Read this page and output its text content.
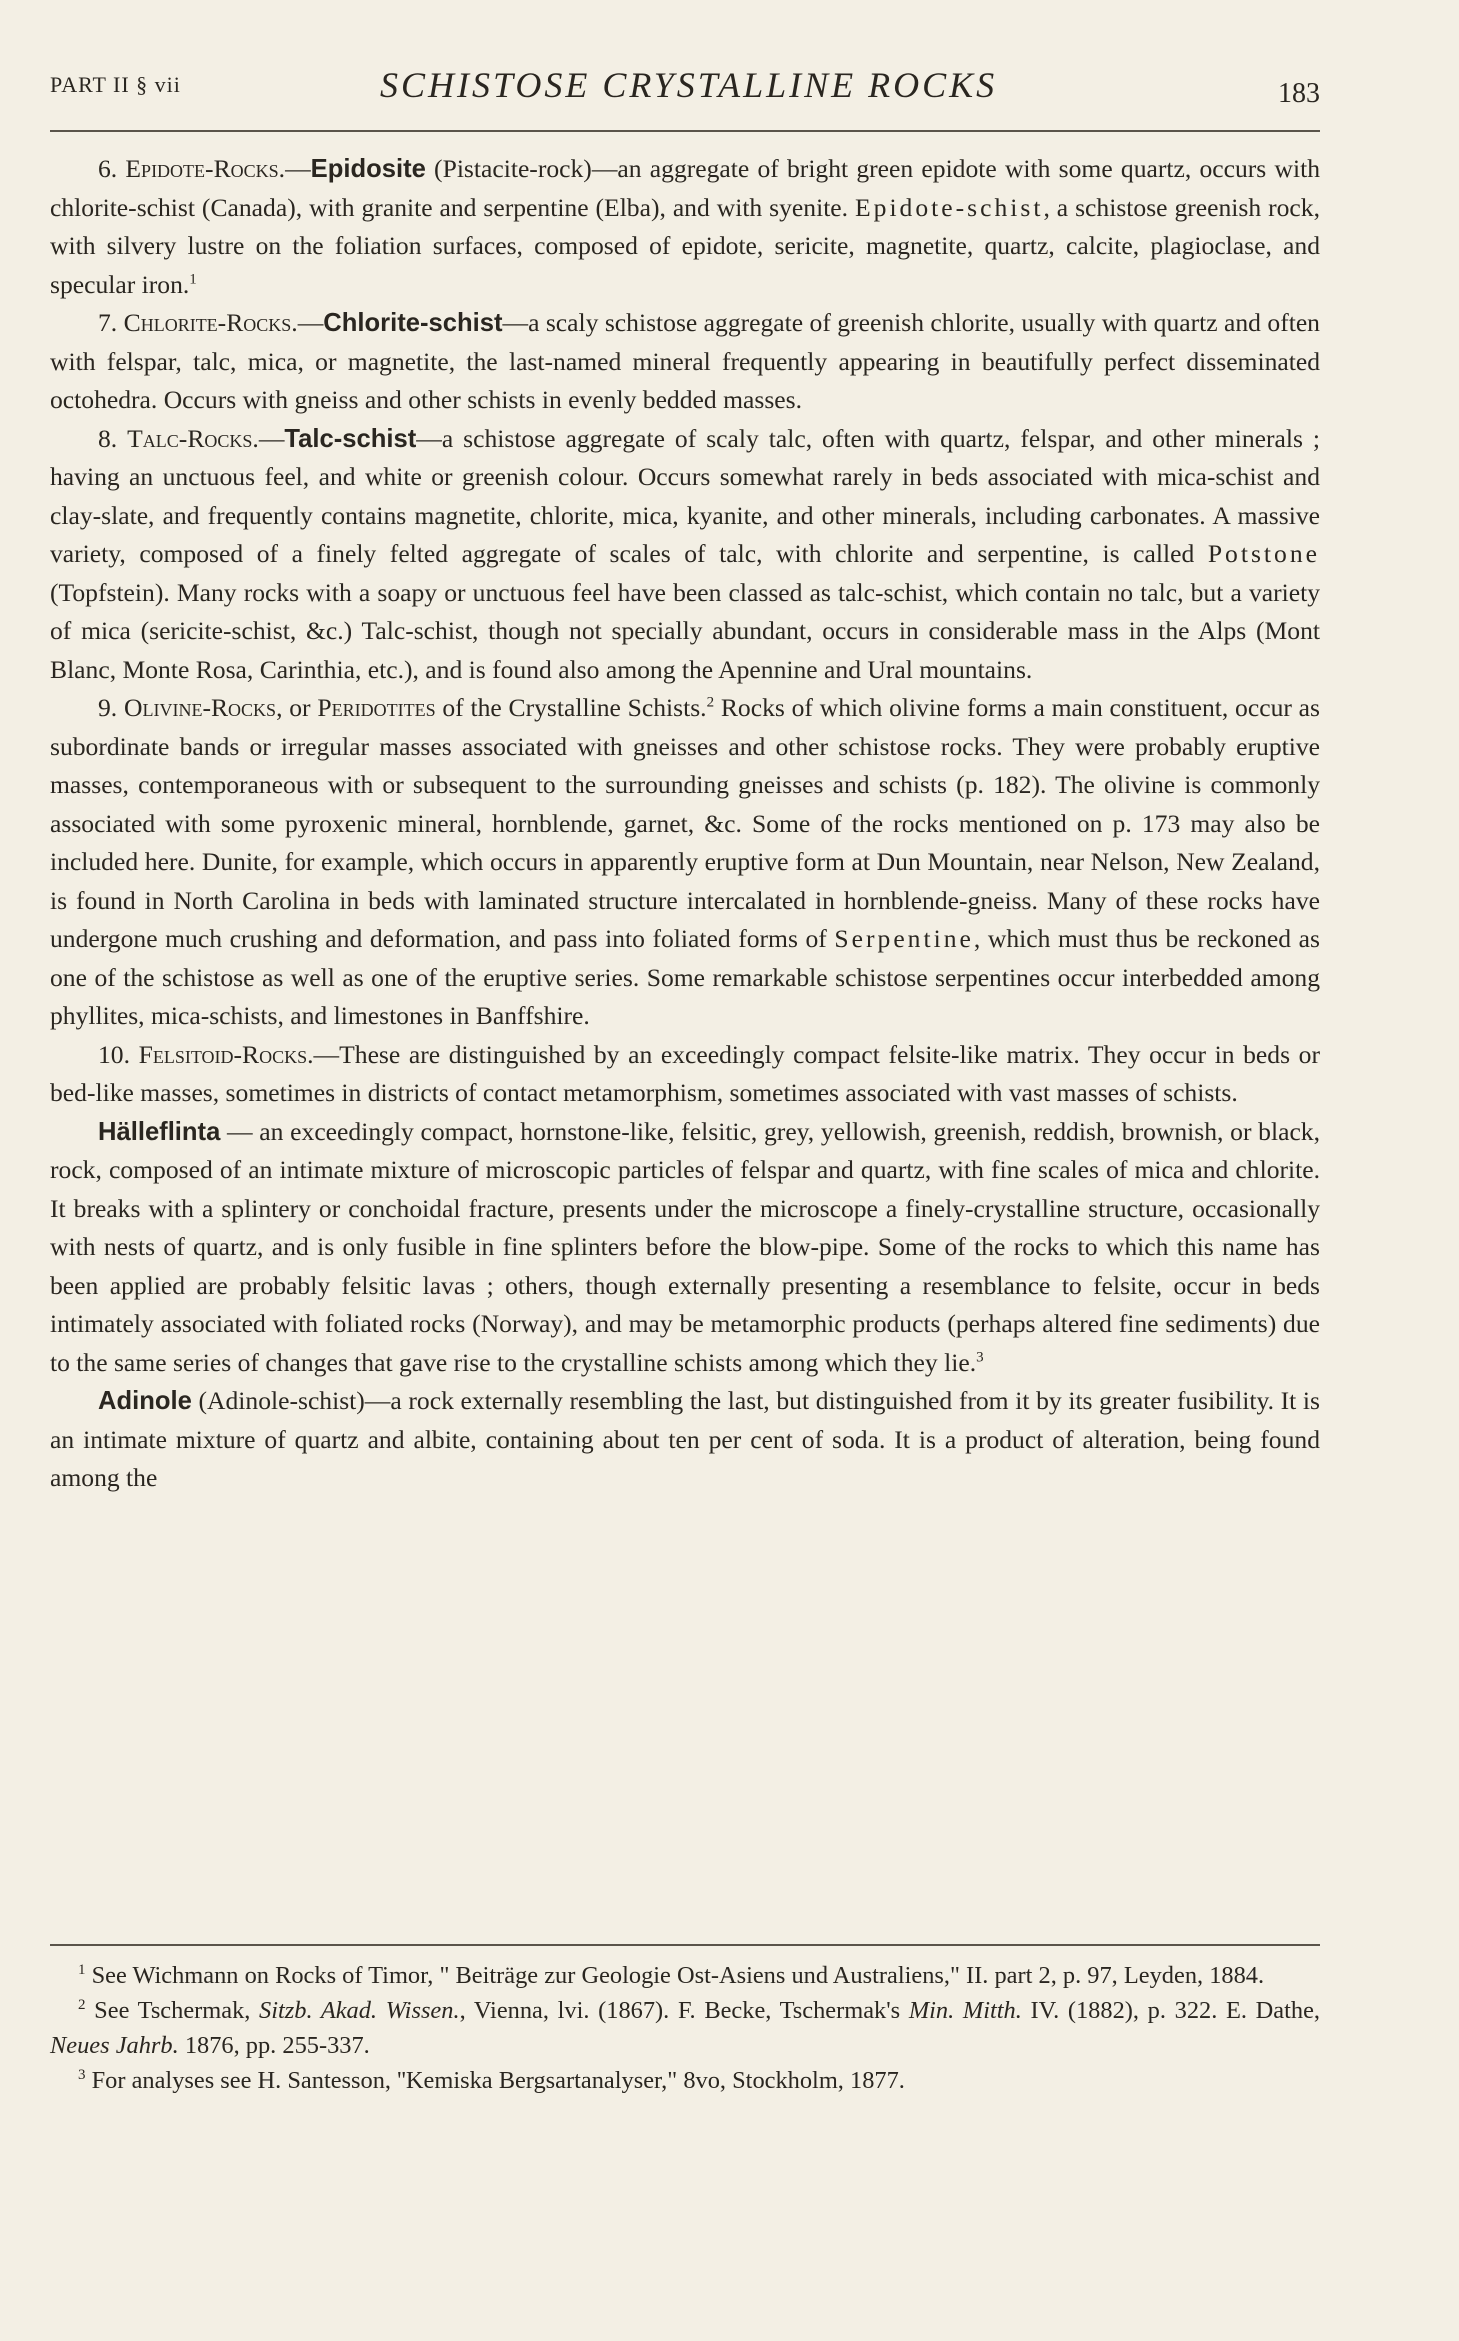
PART II § vii	SCHISTOSE CRYSTALLINE ROCKS	183

6. Epidote-Rocks.—Epidosite (Pistacite-rock)—an aggregate of bright green epidote with some quartz, occurs with chlorite-schist (Canada), with granite and serpentine (Elba), and with syenite. Epidote-schist, a schistose greenish rock, with silvery lustre on the foliation surfaces, composed of epidote, sericite, magnetite, quartz, calcite, plagioclase, and specular iron.$^1$

7. Chlorite-Rocks.—Chlorite-schist—a scaly schistose aggregate of greenish chlorite, usually with quartz and often with felspar, talc, mica, or magnetite, the last-named mineral frequently appearing in beautifully perfect disseminated octohedra. Occurs with gneiss and other schists in evenly bedded masses.

8. Talc-Rocks.—Talc-schist—a schistose aggregate of scaly talc, often with quartz, felspar, and other minerals ; having an unctuous feel, and white or greenish colour. Occurs somewhat rarely in beds associated with mica-schist and clay-slate, and frequently contains magnetite, chlorite, mica, kyanite, and other minerals, including carbonates. A massive variety, composed of a finely felted aggregate of scales of talc, with chlorite and serpentine, is called Potstone (Topfstein). Many rocks with a soapy or unctuous feel have been classed as talc-schist, which contain no talc, but a variety of mica (sericite-schist, &c.) Talc-schist, though not specially abundant, occurs in considerable mass in the Alps (Mont Blanc, Monte Rosa, Carinthia, etc.), and is found also among the Apennine and Ural mountains.

9. Olivine-Rocks, or Peridotites of the Crystalline Schists.$^2$ Rocks of which olivine forms a main constituent, occur as subordinate bands or irregular masses associated with gneisses and other schistose rocks. They were probably eruptive masses, contemporaneous with or subsequent to the surrounding gneisses and schists (p. 182). The olivine is commonly associated with some pyroxenic mineral, hornblende, garnet, &c. Some of the rocks mentioned on p. 173 may also be included here. Dunite, for example, which occurs in apparently eruptive form at Dun Mountain, near Nelson, New Zealand, is found in North Carolina in beds with laminated structure intercalated in hornblende-gneiss. Many of these rocks have undergone much crushing and deformation, and pass into foliated forms of Serpentine, which must thus be reckoned as one of the schistose as well as one of the eruptive series. Some remarkable schistose serpentines occur interbedded among phyllites, mica-schists, and limestones in Banffshire.

10. Felsitoid-Rocks.—These are distinguished by an exceedingly compact felsite-like matrix. They occur in beds or bed-like masses, sometimes in districts of contact metamorphism, sometimes associated with vast masses of schists.

Hälleflinta — an exceedingly compact, hornstone-like, felsitic, grey, yellowish, greenish, reddish, brownish, or black, rock, composed of an intimate mixture of microscopic particles of felspar and quartz, with fine scales of mica and chlorite. It breaks with a splintery or conchoidal fracture, presents under the microscope a finely-crystalline structure, occasionally with nests of quartz, and is only fusible in fine splinters before the blow-pipe. Some of the rocks to which this name has been applied are probably felsitic lavas ; others, though externally presenting a resemblance to felsite, occur in beds intimately associated with foliated rocks (Norway), and may be metamorphic products (perhaps altered fine sediments) due to the same series of changes that gave rise to the crystalline schists among which they lie.$^3$

Adinole (Adinole-schist)—a rock externally resembling the last, but distinguished from it by its greater fusibility. It is an intimate mixture of quartz and albite, containing about ten per cent of soda. It is a product of alteration, being found among the

$^1$ See Wichmann on Rocks of Timor, " Beiträge zur Geologie Ost-Asiens und Australiens," II. part 2, p. 97, Leyden, 1884.

$^2$ See Tschermak, Sitzb. Akad. Wissen., Vienna, lvi. (1867). F. Becke, Tschermak's Min. Mitth. IV. (1882), p. 322. E. Dathe, Neues Jahrb. 1876, pp. 255-337.

$^3$ For analyses see H. Santesson, ''Kemiska Bergsartanalyser," 8vo, Stockholm, 1877.
